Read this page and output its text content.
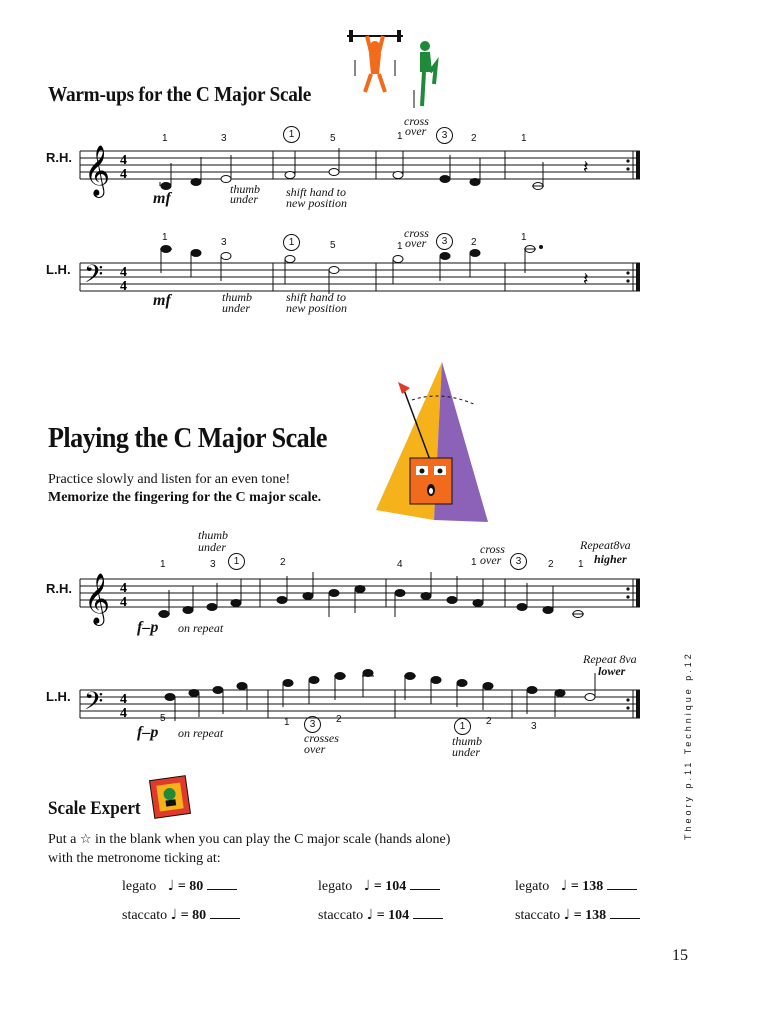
Warm-ups for the C Major Scale
R.H. 𝄞 4
4	𝄽
1	3	1	5
cross
1 over	3	2	1
mf
thumb
under shift hand to
new position
L.H. 𝄢 4
4	𝄽
1	3	1	5
cross
1 over	3	2	1
mf	thumb
under
shift hand to
new position
Playing the C Major Scale
Practice slowly and listen for an even tone!
Memorize the fingering for the C major scale.
thumb
under	cross
over
Repeat8va
higher
1	3	1	2	4	1	3	2 1
R.H. 𝄞 4
4
f–p on repeat
Repeat 8va
lower
L.H. 𝄢 4
4	5
f–p on repeat
1	3	2
crosses
over
1	2
thumb
under
3
Scale Expert
Put a ☆ in the blank when you can play the C major scale (hands alone)
with the metronome ticking at:
legato ♩ = 80	legato ♩ = 104	legato ♩ = 138
staccato ♩ = 80	staccato ♩ = 104	staccato ♩ = 138
Theory p.11 Technique p.12
15
